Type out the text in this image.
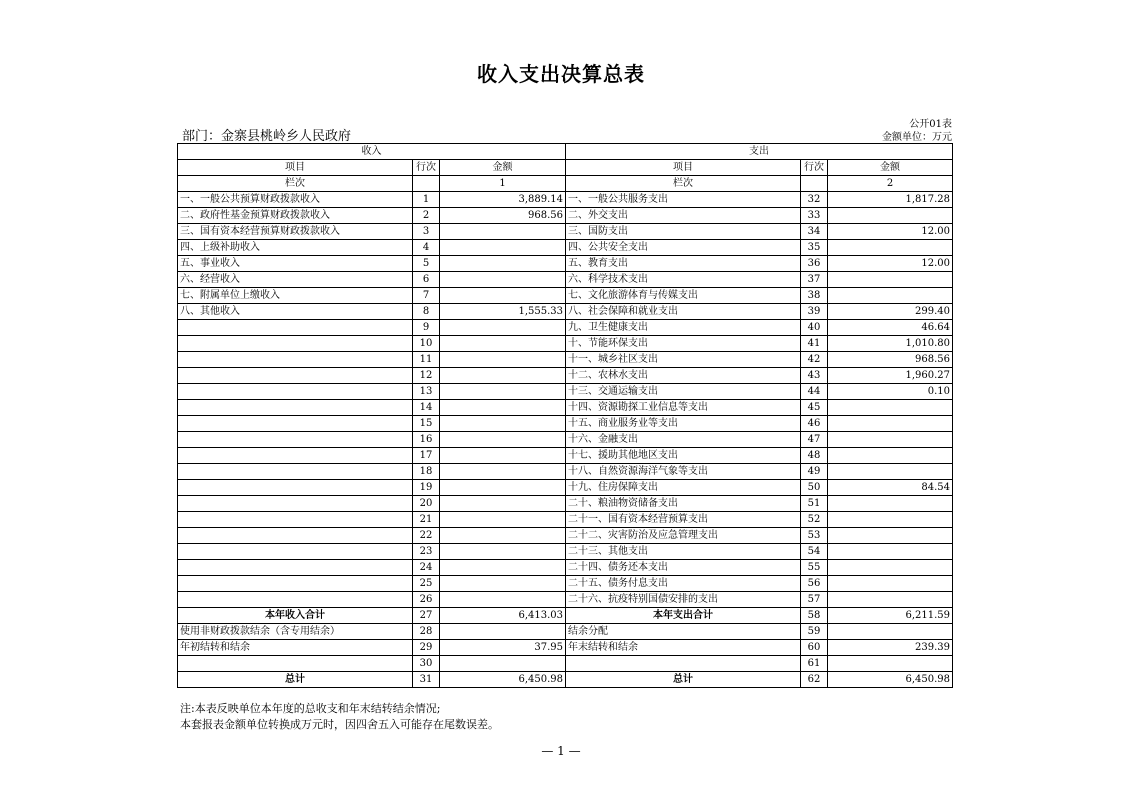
收入支出决算总表
公开01表
部门：金寨县桃岭乡人民政府	金额单位：万元
收入			支出		
项目	行次	金额	项目	行次	金额
栏次		1	栏次		2
一、一般公共预算财政拨款收入	1	3,889.14	一、一般公共服务支出	32	1,817.28
二、政府性基金预算财政拨款收入	2	968.56	二、外交支出	33	
三、国有资本经营预算财政拨款收入	3		三、国防支出	34	12.00
四、上级补助收入	4		四、公共安全支出	35	
五、事业收入	5		五、教育支出	36	12.00
六、经营收入	6		六、科学技术支出	37	
七、附属单位上缴收入	7		七、文化旅游体育与传媒支出	38	
八、其他收入	8	1,555.33	八、社会保障和就业支出	39	299.40
	9		九、卫生健康支出	40	46.64
	10		十、节能环保支出	41	1,010.80
	11		十一、城乡社区支出	42	968.56
	12		十二、农林水支出	43	1,960.27
	13		十三、交通运输支出	44	0.10
	14		十四、资源勘探工业信息等支出	45	
	15		十五、商业服务业等支出	46	
	16		十六、金融支出	47	
	17		十七、援助其他地区支出	48	
	18		十八、自然资源海洋气象等支出	49	
	19		十九、住房保障支出	50	84.54
	20		二十、粮油物资储备支出	51	
	21		二十一、国有资本经营预算支出	52	
	22		二十二、灾害防治及应急管理支出	53	
	23		二十三、其他支出	54	
	24		二十四、债务还本支出	55	
	25		二十五、债务付息支出	56	
	26		二十六、抗疫特别国债安排的支出	57	
本年收入合计	27	6,413.03	本年支出合计	58	6,211.59
使用非财政拨款结余（含专用结余）	28		结余分配	59	
年初结转和结余	29	37.95	年末结转和结余	60	239.39
	30			61	
总计	31	6,450.98	总计	62	6,450.98
注:本表反映单位本年度的总收支和年末结转结余情况;
本套报表金额单位转换成万元时，因四舍五入可能存在尾数误差。
— 1 —
